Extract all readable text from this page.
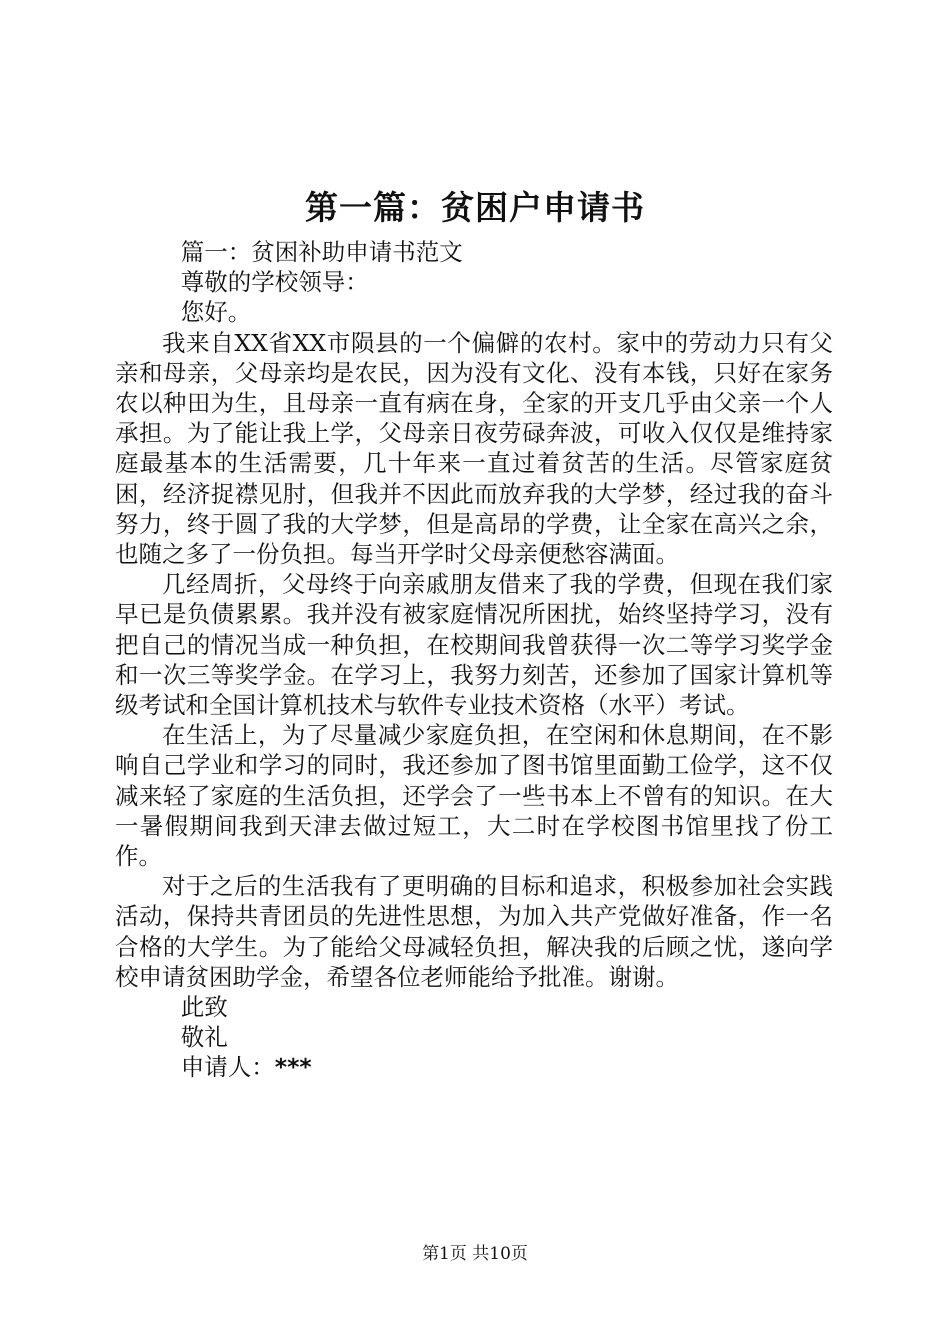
第一篇：贫困户申请书
篇一：贫困补助申请书范文
尊敬的学校领导：
您好。

我来自XX省XX市陨县的一个偏僻的农村。家中的劳动力只有父亲和母亲，父母亲均是农民，因为没有文化、没有本钱，只好在家务农以种田为生，且母亲一直有病在身，全家的开支几乎由父亲一个人承担。为了能让我上学，父母亲日夜劳碌奔波，可收入仅仅是维持家庭最基本的生活需要，几十年来一直过着贫苦的生活。尽管家庭贫困，经济捉襟见肘，但我并不因此而放弃我的大学梦，经过我的奋斗努力，终于圆了我的大学梦，但是高昂的学费，让全家在高兴之余，也随之多了一份负担。每当开学时父母亲便愁容满面。

几经周折，父母终于向亲戚朋友借来了我的学费，但现在我们家早已是负债累累。我并没有被家庭情况所困扰，始终坚持学习，没有把自己的情况当成一种负担，在校期间我曾获得一次二等学习奖学金和一次三等奖学金。在学习上，我努力刻苦，还参加了国家计算机等级考试和全国计算机技术与软件专业技术资格（水平）考试。

在生活上，为了尽量减少家庭负担，在空闲和休息期间，在不影响自己学业和学习的同时，我还参加了图书馆里面勤工俭学，这不仅减来轻了家庭的生活负担，还学会了一些书本上不曾有的知识。在大一暑假期间我到天津去做过短工，大二时在学校图书馆里找了份工作。

对于之后的生活我有了更明确的目标和追求，积极参加社会实践活动，保持共青团员的先进性思想，为加入共产党做好准备，作一名合格的大学生。为了能给父母减轻负担，解决我的后顾之忧，遂向学校申请贫困助学金，希望各位老师能给予批准。谢谢。

此致
敬礼
申请人：***
第1页 共10页
